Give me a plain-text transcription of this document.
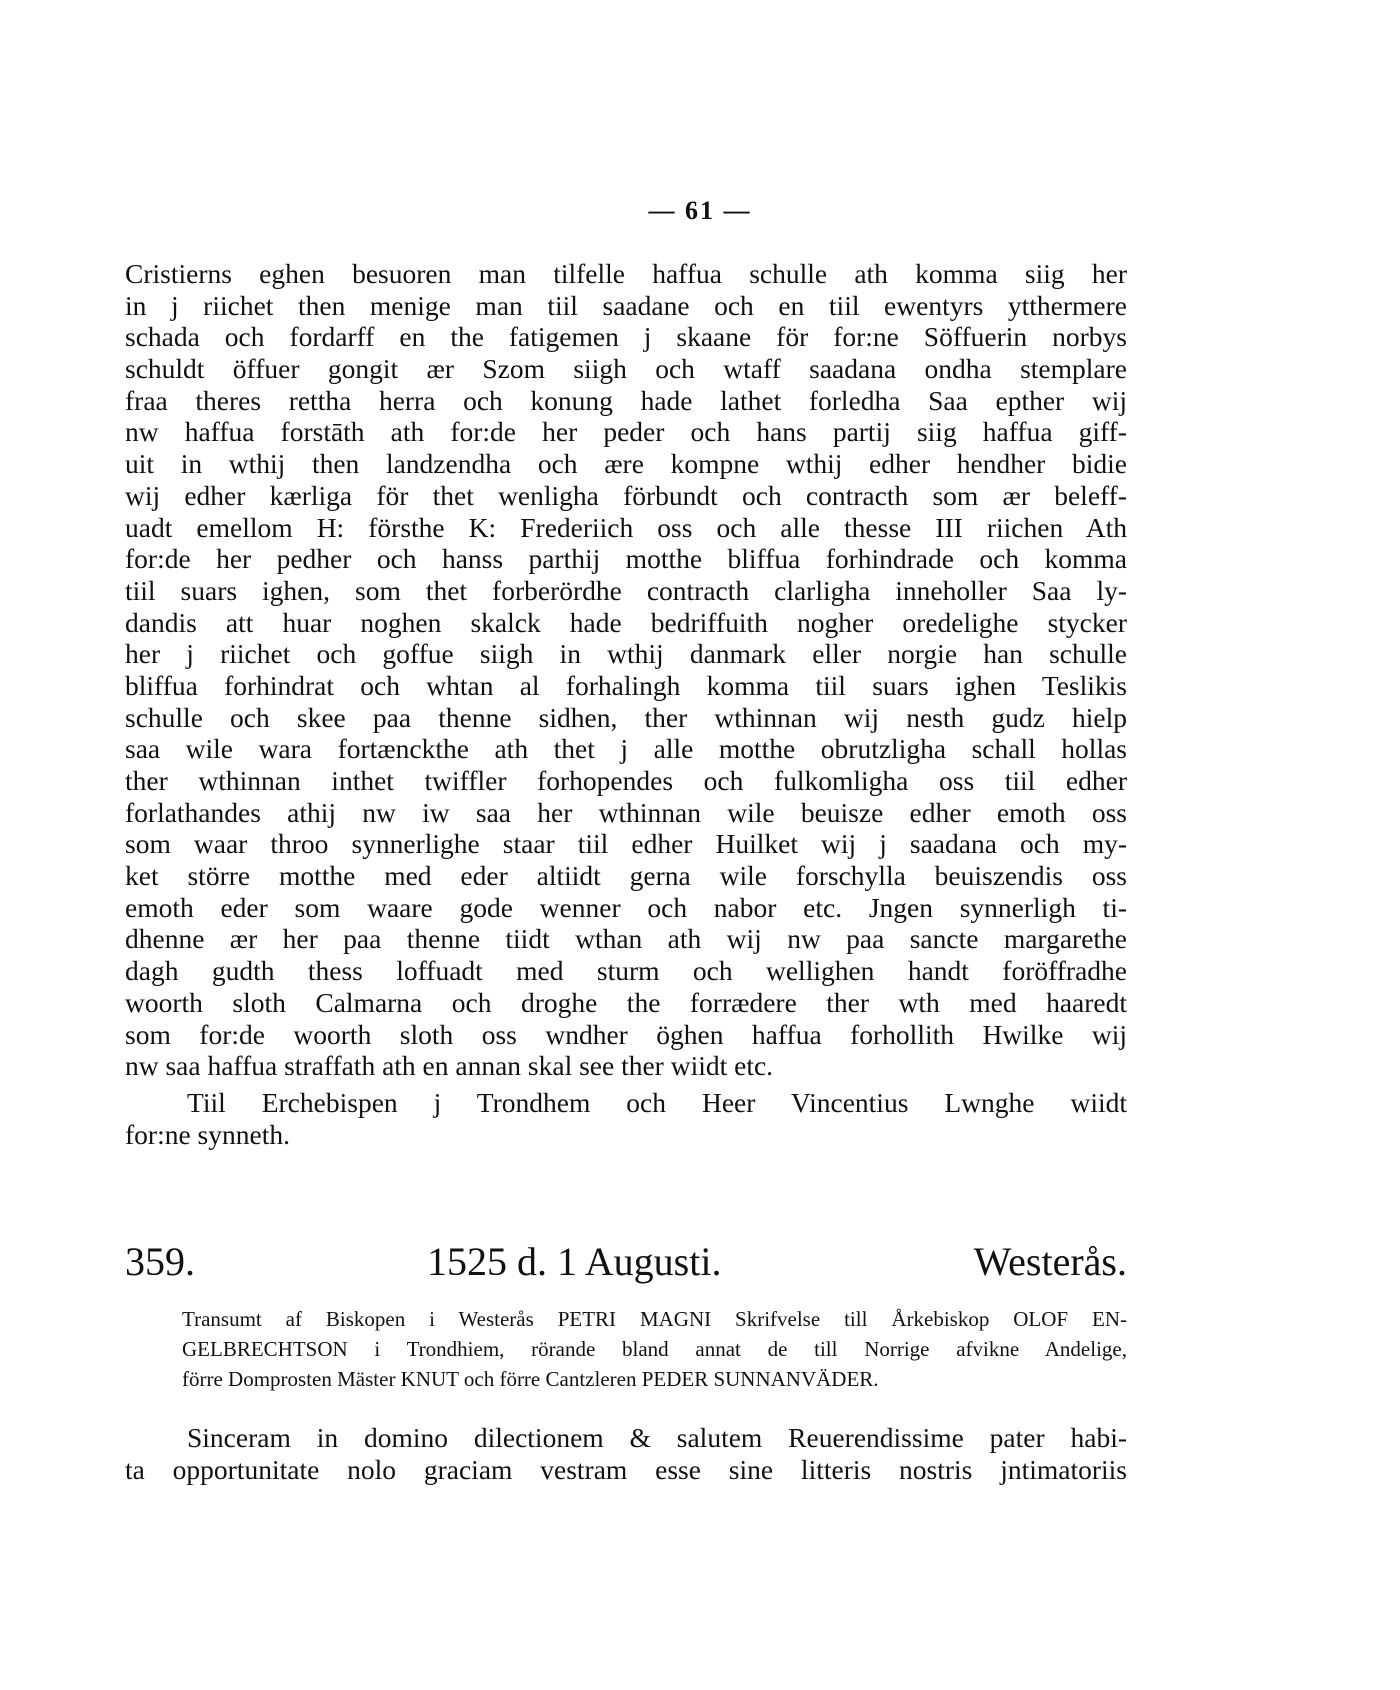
— 61 —
Cristierns eghen besuoren man tilfelle haffua schulle ath komma siig her
in j riichet then menige man tiil saadane och en tiil ewentyrs ytthermere
schada och fordarff en the fatigemen j skaane för for:ne Söffuerin norbys
schuldt öffuer gongit ær Szom siigh och wtaff saadana ondha stemplare
fraa theres rettha herra och konung hade lathet forledha Saa epther wij
nw haffua forstāth ath for:de her peder och hans partij siig haffua giff-
uit in wthij then landzendha och ære kompne wthij edher hendher bidie
wij edher kærliga för thet wenligha förbundt och contracth som ær beleff-
uadt emellom H: försthe K: Frederiich oss och alle thesse III riichen Ath
for:de her pedher och hanss parthij motthe bliffua forhindrade och komma
tiil suars ighen, som thet forberördhe contracth clarligha inneholler Saa ly-
dandis att huar noghen skalck hade bedriffuith nogher oredelighe stycker
her j riichet och goffue siigh in wthij danmark eller norgie han schulle
bliffua forhindrat och whtan al forhalingh komma tiil suars ighen Teslikis
schulle och skee paa thenne sidhen, ther wthinnan wij nesth gudz hielp
saa wile wara fortænckthe ath thet j alle motthe obrutzligha schall hollas
ther wthinnan inthet twiffler forhopendes och fulkomligha oss tiil edher
forlathandes athij nw iw saa her wthinnan wile beuisze edher emoth oss
som waar throo synnerlighe staar tiil edher Huilket wij j saadana och my-
ket större motthe med eder altiidt gerna wile forschylla beuiszendis oss
emoth eder som waare gode wenner och nabor etc. Jngen synnerligh ti-
dhenne ær her paa thenne tiidt wthan ath wij nw paa sancte margarethe
dagh gudth thess loffuadt med sturm och wellighen handt foröffradhe
woorth sloth Calmarna och droghe the forrædere ther wth med haaredt
som for:de woorth sloth oss wndher öghen haffua forhollith Hwilke wij
nw saa haffua straffath ath en annan skal see ther wiidt etc.
Tiil Erchebispen j Trondhem och Heer Vincentius Lwnghe wiidt
for:ne synneth.
359.	1525 d. 1 Augusti.	Westerås.
Transumt af Biskopen i Westerås PETRI MAGNI Skrifvelse till Årkebiskop OLOF EN-
GELBRECHTSON i Trondhiem, rörande bland annat de till Norrige afvikne Andelige,
förre Domprosten Mäster KNUT och förre Cantzleren PEDER SUNNANVÄDER.
Sinceram in domino dilectionem & salutem Reuerendissime pater habi-
ta opportunitate nolo graciam vestram esse sine litteris nostris jntimatoriis
